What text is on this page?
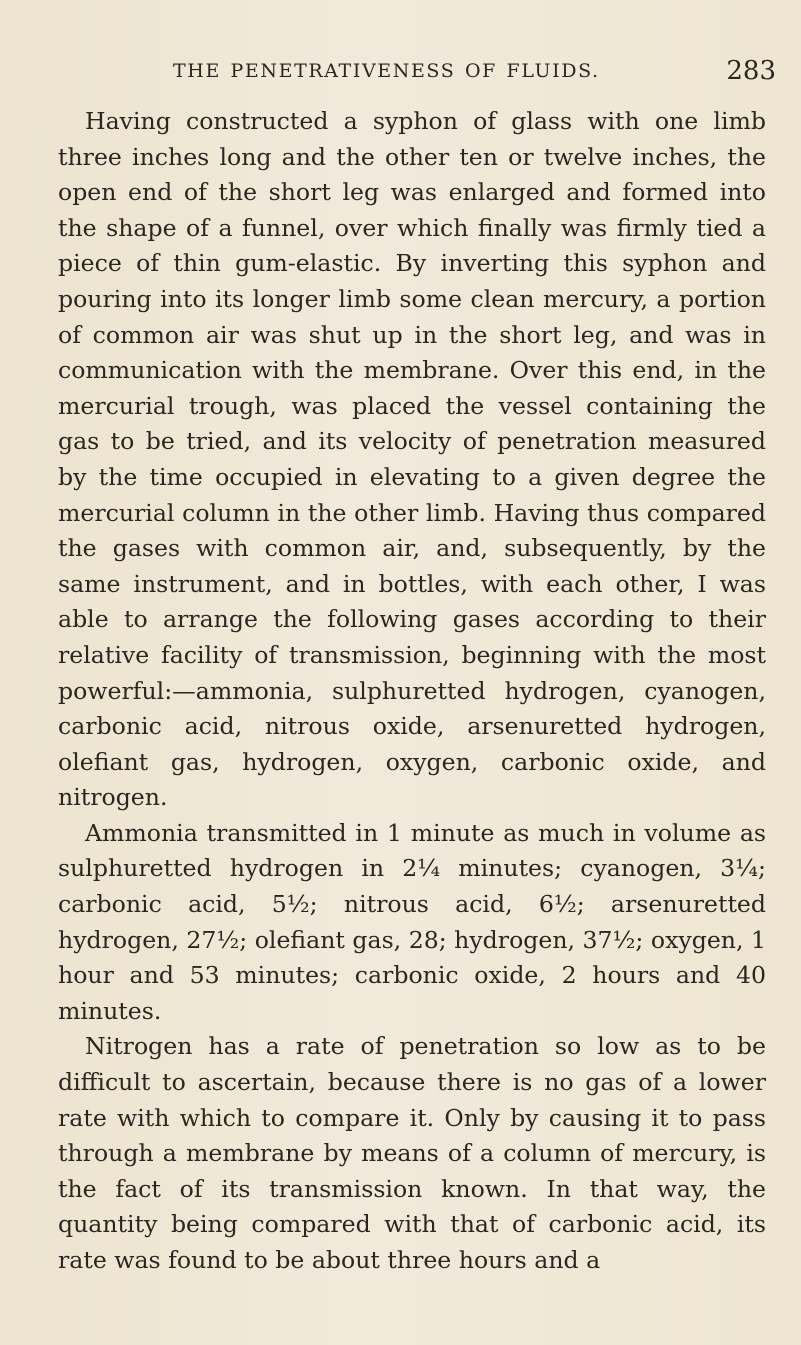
THE PENETRATIVENESS OF FLUIDS.	283

Having constructed a syphon of glass with one limb three inches long and the other ten or twelve inches, the open end of the short leg was enlarged and formed into the shape of a funnel, over which finally was firmly tied a piece of thin gum-elastic. By inverting this syphon and pouring into its longer limb some clean mercury, a portion of common air was shut up in the short leg, and was in communication with the membrane. Over this end, in the mercurial trough, was placed the vessel containing the gas to be tried, and its velocity of penetration measured by the time occupied in elevating to a given degree the mercurial column in the other limb. Having thus compared the gases with common air, and, subsequently, by the same instrument, and in bottles, with each other, I was able to arrange the following gases according to their relative facility of transmission, beginning with the most powerful:—ammonia, sulphuretted hydrogen, cyanogen, carbonic acid, nitrous oxide, arsenuretted hydrogen, olefiant gas, hydrogen, oxygen, carbonic oxide, and nitrogen.

Ammonia transmitted in 1 minute as much in volume as sulphuretted hydrogen in 2¼ minutes; cyanogen, 3¼; carbonic acid, 5½; nitrous acid, 6½; arsenuretted hydrogen, 27½; olefiant gas, 28; hydrogen, 37½; oxygen, 1 hour and 53 minutes; carbonic oxide, 2 hours and 40 minutes.

Nitrogen has a rate of penetration so low as to be difficult to ascertain, because there is no gas of a lower rate with which to compare it. Only by causing it to pass through a membrane by means of a column of mercury, is the fact of its transmission known. In that way, the quantity being compared with that of carbonic acid, its rate was found to be about three hours and a
